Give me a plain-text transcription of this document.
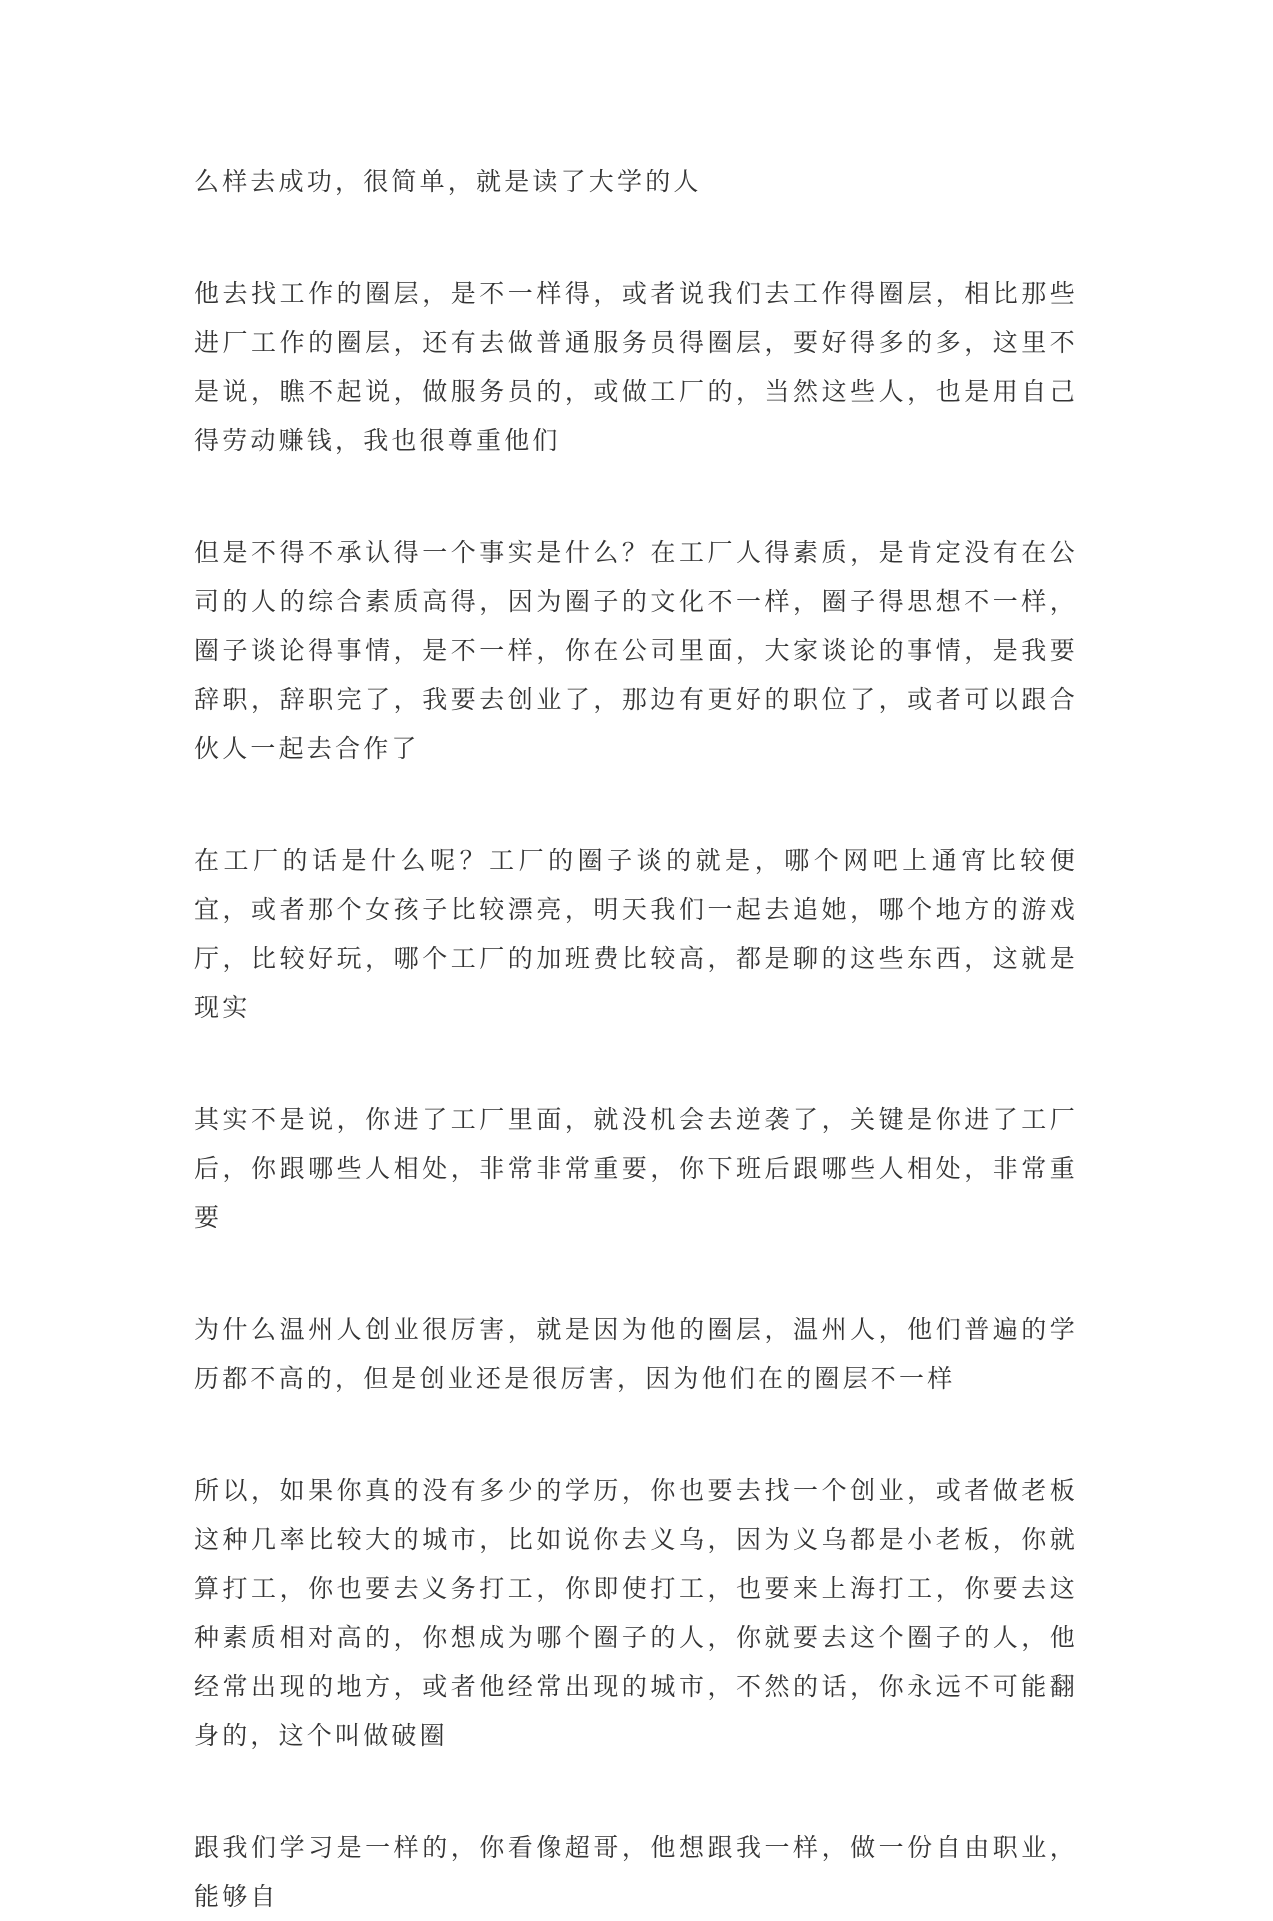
么样去成功，很简单，就是读了大学的人

他去找工作的圈层，是不一样得，或者说我们去工作得圈层，相比那些进厂工作的圈层，还有去做普通服务员得圈层，要好得多的多，这里不是说，瞧不起说，做服务员的，或做工厂的，当然这些人，也是用自己得劳动赚钱，我也很尊重他们

但是不得不承认得一个事实是什么？在工厂人得素质，是肯定没有在公司的人的综合素质高得，因为圈子的文化不一样，圈子得思想不一样，圈子谈论得事情，是不一样，你在公司里面，大家谈论的事情，是我要辞职，辞职完了，我要去创业了，那边有更好的职位了，或者可以跟合伙人一起去合作了

在工厂的话是什么呢？工厂的圈子谈的就是，哪个网吧上通宵比较便宜，或者那个女孩子比较漂亮，明天我们一起去追她，哪个地方的游戏厅，比较好玩，哪个工厂的加班费比较高，都是聊的这些东西，这就是现实

其实不是说，你进了工厂里面，就没机会去逆袭了，关键是你进了工厂后，你跟哪些人相处，非常非常重要，你下班后跟哪些人相处，非常重要

为什么温州人创业很厉害，就是因为他的圈层，温州人，他们普遍的学历都不高的，但是创业还是很厉害，因为他们在的圈层不一样

所以，如果你真的没有多少的学历，你也要去找一个创业，或者做老板这种几率比较大的城市，比如说你去义乌，因为义乌都是小老板，你就算打工，你也要去义务打工，你即使打工，也要来上海打工，你要去这种素质相对高的，你想成为哪个圈子的人，你就要去这个圈子的人，他经常出现的地方，或者他经常出现的城市，不然的话，你永远不可能翻身的，这个叫做破圈

跟我们学习是一样的，你看像超哥，他想跟我一样，做一份自由职业，能够自
